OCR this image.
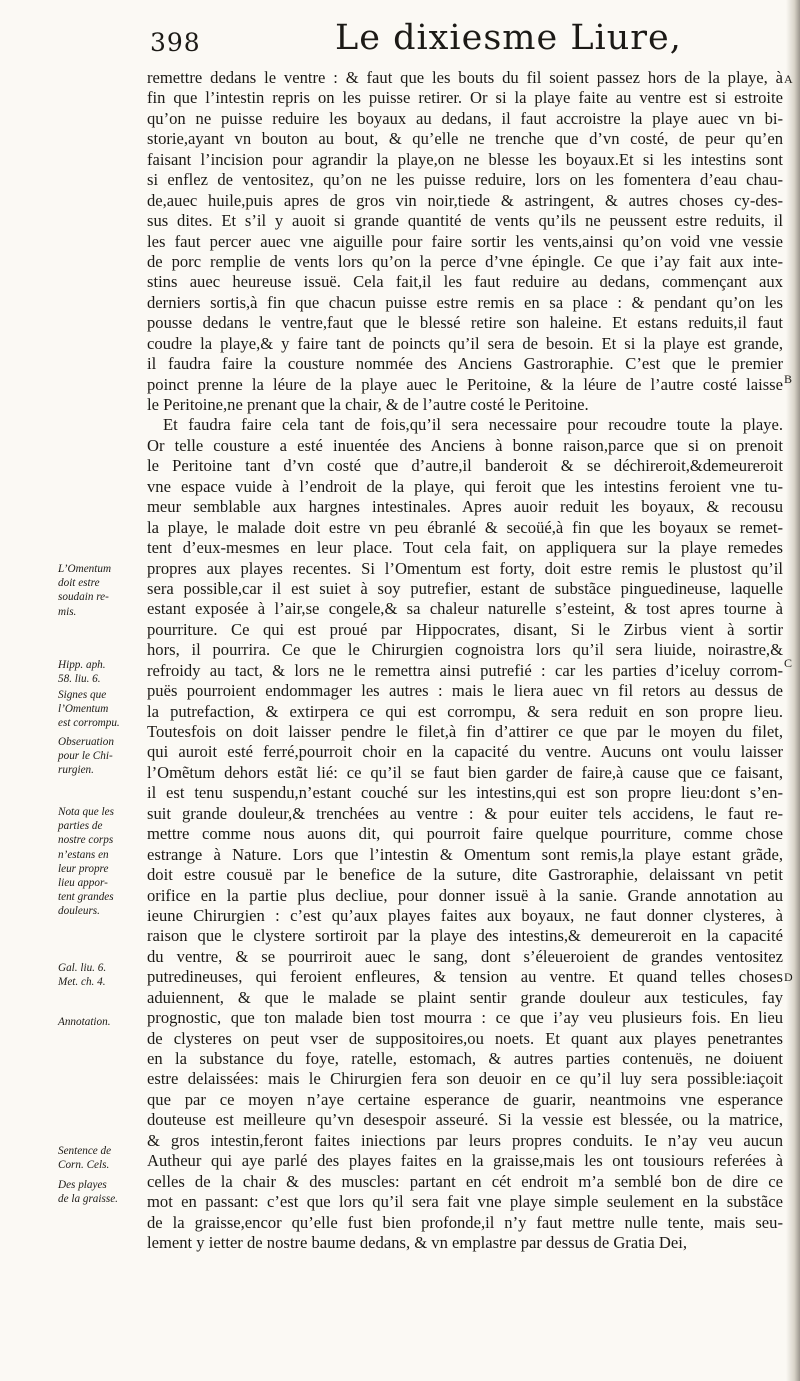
398	Le dixiesme Liure,
remettre dedans le ventre : & faut que les bouts du fil soient passez hors de la playe, à
fin que l’intestin repris on les puisse retirer. Or si la playe faite au ventre est si estroite
qu’on ne puisse reduire les boyaux au dedans, il faut accroistre la playe auec vn bi-
storie,ayant vn bouton au bout, & qu’elle ne trenche que d’vn costé, de peur qu’en
faisant l’incision pour agrandir la playe,on ne blesse les boyaux.Et si les intestins sont
si enflez de ventositez, qu’on ne les puisse reduire, lors on les fomentera d’eau chau-
de,auec huile,puis apres de gros vin noir,tiede & astringent, & autres choses cy-des-
sus dites. Et s’il y auoit si grande quantité de vents qu’ils ne peussent estre reduits, il
les faut percer auec vne aiguille pour faire sortir les vents,ainsi qu’on void vne vessie
de porc remplie de vents lors qu’on la perce d’vne épingle. Ce que i’ay fait aux inte-
stins auec heureuse issuë. Cela fait,il les faut reduire au dedans, commençant aux
derniers sortis,à fin que chacun puisse estre remis en sa place : & pendant qu’on les
pousse dedans le ventre,faut que le blessé retire son haleine. Et estans reduits,il faut
coudre la playe,& y faire tant de poincts qu’il sera de besoin. Et si la playe est grande,
il faudra faire la cousture nommée des Anciens Gastroraphie. C’est que le premier
poinct prenne la léure de la playe auec le Peritoine, & la léure de l’autre costé laisse
le Peritoine,ne prenant que la chair, & de l’autre costé le Peritoine.
Et faudra faire cela tant de fois,qu’il sera necessaire pour recoudre toute la playe.
Or telle cousture a esté inuentée des Anciens à bonne raison,parce que si on prenoit
le Peritoine tant d’vn costé que d’autre,il banderoit & se déchireroit,&demeureroit
vne espace vuide à l’endroit de la playe, qui feroit que les intestins feroient vne tu-
meur semblable aux hargnes intestinales. Apres auoir reduit les boyaux, & recousu
la playe, le malade doit estre vn peu ébranlé & secoüé,à fin que les boyaux se remet-
tent d’eux-mesmes en leur place. Tout cela fait, on appliquera sur la playe remedes
propres aux playes recentes. Si l’Omentum est forty, doit estre remis le plustost qu’il
sera possible,car il est suiet à soy putrefier, estant de substãce pinguedineuse, laquelle
estant exposée à l’air,se congele,& sa chaleur naturelle s’esteint, & tost apres tourne à
pourriture. Ce qui est proué par Hippocrates, disant, Si le Zirbus vient à sortir
hors, il pourrira. Ce que le Chirurgien cognoistra lors qu’il sera liuide, noirastre,&
refroidy au tact, & lors ne le remettra ainsi putrefié : car les parties d’iceluy corrom-
puës pourroient endommager les autres : mais le liera auec vn fil retors au dessus de
la putrefaction, & extirpera ce qui est corrompu, & sera reduit en son propre lieu.
Toutesfois on doit laisser pendre le filet,à fin d’attirer ce que par le moyen du filet,
qui auroit esté ferré,pourroit choir en la capacité du ventre. Aucuns ont voulu laisser
l’Omẽtum dehors estãt lié: ce qu’il se faut bien garder de faire,à cause que ce faisant,
il est tenu suspendu,n’estant couché sur les intestins,qui est son propre lieu:dont s’en-
suit grande douleur,& trenchées au ventre : & pour euiter tels accidens, le faut re-
mettre comme nous auons dit, qui pourroit faire quelque pourriture, comme chose
estrange à Nature. Lors que l’intestin & Omentum sont remis,la playe estant grãde,
doit estre cousuë par le benefice de la suture, dite Gastroraphie, delaissant vn petit
orifice en la partie plus decliue, pour donner issuë à la sanie. Grande annotation au
ieune Chirurgien : c’est qu’aux playes faites aux boyaux, ne faut donner clysteres, à
raison que le clystere sortiroit par la playe des intestins,& demeureroit en la capacité
du ventre, & se pourriroit auec le sang, dont s’éleueroient de grandes ventositez
putredineuses, qui feroient enfleures, & tension au ventre. Et quand telles choses
aduiennent, & que le malade se plaint sentir grande douleur aux testicules, fay
prognostic, que ton malade bien tost mourra : ce que i’ay veu plusieurs fois. En lieu
de clysteres on peut vser de suppositoires,ou noets. Et quant aux playes penetrantes
en la substance du foye, ratelle, estomach, & autres parties contenuës, ne doiuent
estre delaissées: mais le Chirurgien fera son deuoir en ce qu’il luy sera possible:iaçoit
que par ce moyen n’aye certaine esperance de guarir, neantmoins vne esperance
douteuse est meilleure qu’vn desespoir asseuré. Si la vessie est blessée, ou la matrice,
& gros intestin,feront faites iniections par leurs propres conduits. Ie n’ay veu aucun
Autheur qui aye parlé des playes faites en la graisse,mais les ont tousiours referées à
celles de la chair & des muscles: partant en cét endroit m’a semblé bon de dire ce
mot en passant: c’est que lors qu’il sera fait vne playe simple seulement en la substãce
de la graisse,encor qu’elle fust bien profonde,il n’y faut mettre nulle tente, mais seu-
lement y ietter de nostre baume dedans, & vn emplastre par dessus de Gratia Dei,
L’Omentum
doit estre
soudain re-
mis.
Hipp. aph.
58. liu. 6.
Signes que
l’Omentum
est corrompu.
Obseruation
pour le Chi-
rurgien.
Nota que les
parties de
nostre corps
n’estans en
leur propre
lieu appor-
tent grandes
douleurs.
Gal. liu. 6.
Met. ch. 4.
Annotation.
Sentence de
Corn. Cels.
Des playes
de la graisse.
A
B
C
D
